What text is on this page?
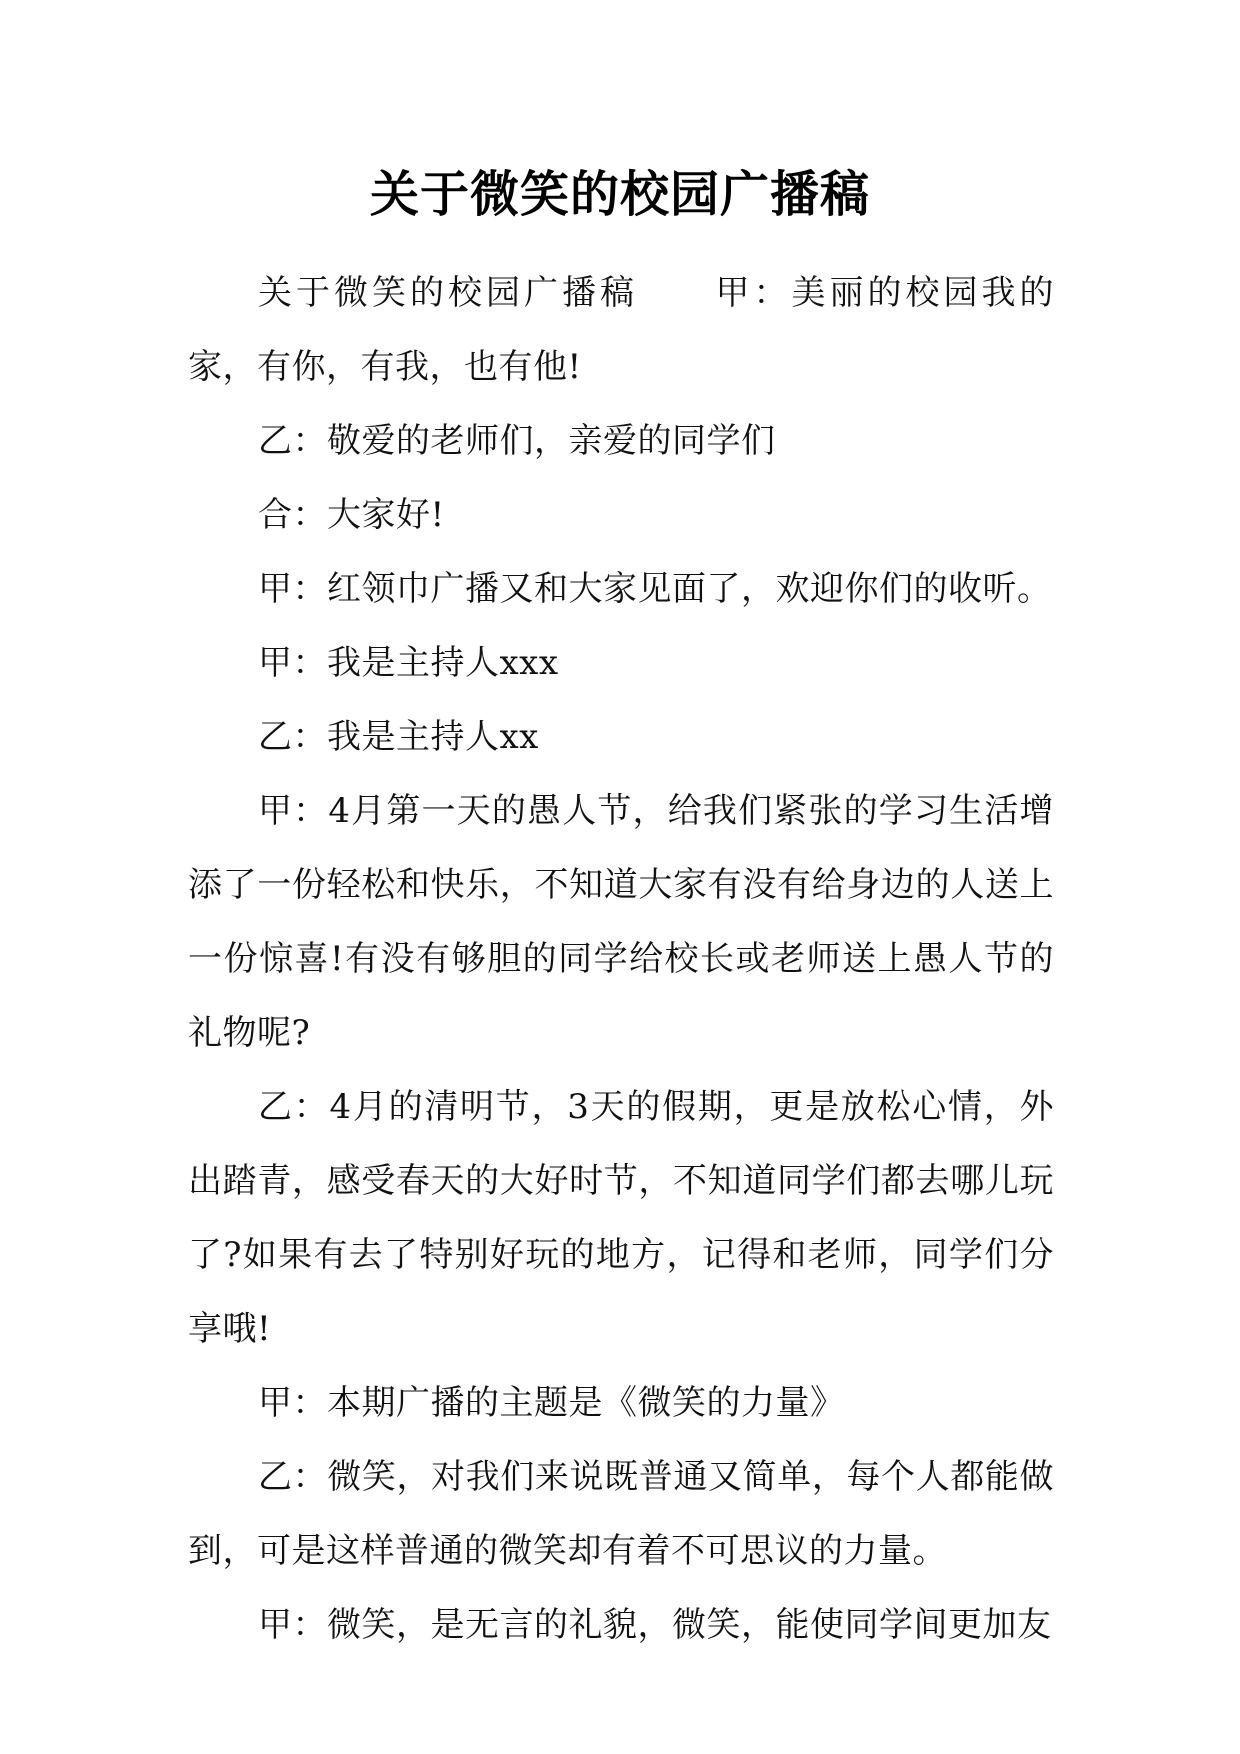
关于微笑的校园广播稿

关于微笑的校园广播稿 甲：美丽的校园我的家，有你，有我，也有他!

乙：敬爱的老师们，亲爱的同学们

合：大家好!

甲：红领巾广播又和大家见面了，欢迎你们的收听。

甲：我是主持人xxx

乙：我是主持人xx

甲：4月第一天的愚人节，给我们紧张的学习生活增添了一份轻松和快乐，不知道大家有没有给身边的人送上一份惊喜!有没有够胆的同学给校长或老师送上愚人节的礼物呢?

乙：4月的清明节，3天的假期，更是放松心情，外出踏青，感受春天的大好时节，不知道同学们都去哪儿玩了?如果有去了特别好玩的地方，记得和老师，同学们分享哦!

甲：本期广播的主题是《微笑的力量》

乙：微笑，对我们来说既普通又简单，每个人都能做到，可是这样普通的微笑却有着不可思议的力量。

甲：微笑，是无言的礼貌，微笑，能使同学间更加友
